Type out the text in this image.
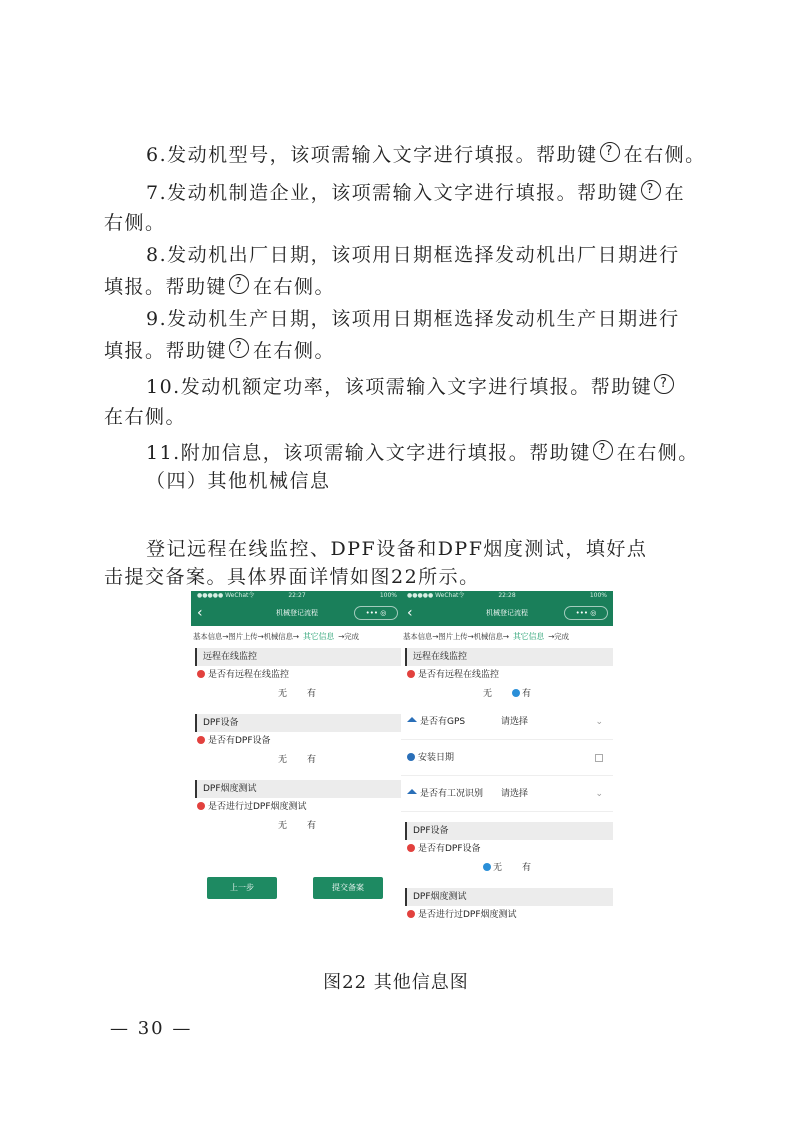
6.发动机型号，该项需输入文字进行填报。帮助键 ? 在右侧。
7.发动机制造企业，该项需输入文字进行填报。帮助键 ? 在
右侧。
8.发动机出厂日期，该项用日期框选择发动机出厂日期进行
填报。帮助键 ? 在右侧。
9.发动机生产日期，该项用日期框选择发动机生产日期进行
填报。帮助键 ? 在右侧。
10.发动机额定功率，该项需输入文字进行填报。帮助键 ?
在右侧。
11.附加信息，该项需输入文字进行填报。帮助键 ? 在右侧。
（四）其他机械信息
登记远程在线监控、DPF设备和DPF烟度测试，填好点
击提交备案。具体界面详情如图22所示。
●●●●● WeChat令	22:27	100%
‹	机械登记流程	••• ◎
基本信息→图片上传→机械信息→ 其它信息 →完成
远程在线监控
是否有远程在线监控
无 有
DPF设备
是否有DPF设备
无 有
DPF烟度测试
是否进行过DPF烟度测试
无 有
上一步	提交备案
●●●●● WeChat令	22:28	100%
‹	机械登记流程	••• ◎
基本信息→图片上传→机械信息→ 其它信息 →完成
远程在线监控
是否有远程在线监控
无	有
是否有GPS	请选择	⌄
安装日期
是否有工况识别 请选择	⌄
DPF设备
是否有DPF设备
无 有
DPF烟度测试
是否进行过DPF烟度测试
图22 其他信息图
— 30 —
